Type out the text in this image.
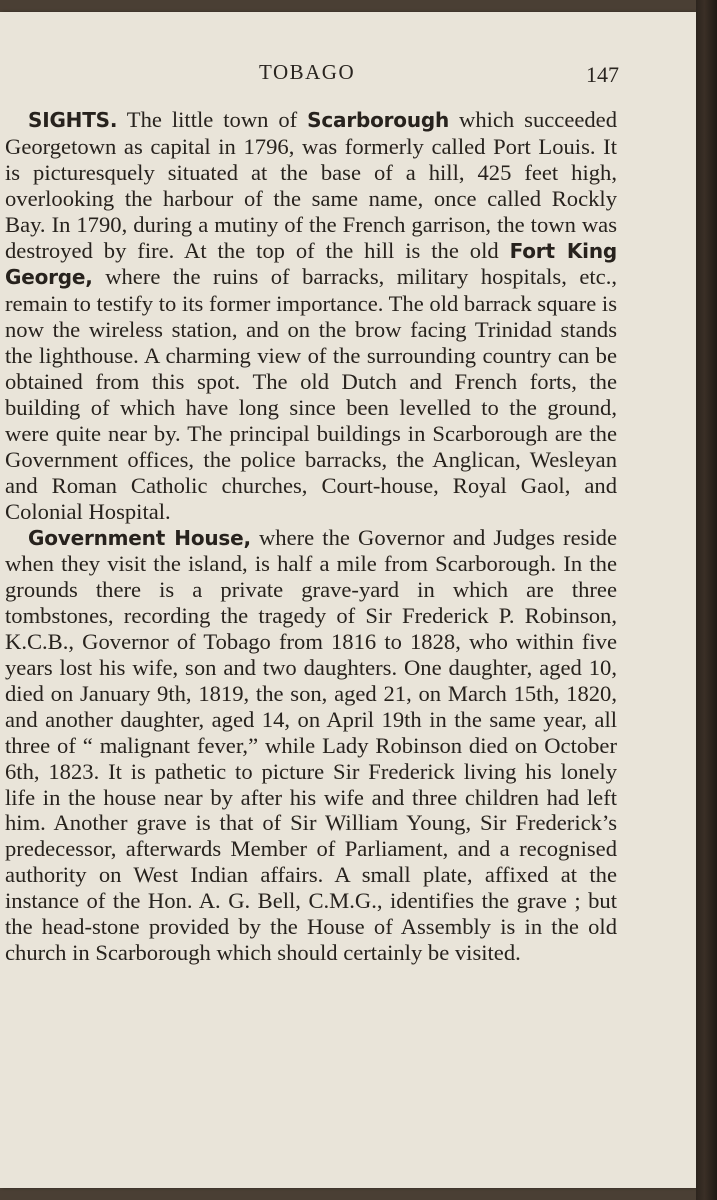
TOBAGO	147

SIGHTS. The little town of Scarborough which succeeded Georgetown as capital in 1796, was formerly called Port Louis. It is picturesquely situated at the base of a hill, 425 feet high, overlooking the harbour of the same name, once called Rockly Bay. In 1790, during a mutiny of the French garrison, the town was destroyed by fire. At the top of the hill is the old Fort King George, where the ruins of barracks, military hospitals, etc., remain to testify to its former importance. The old barrack square is now the wireless station, and on the brow facing Trinidad stands the lighthouse. A charming view of the surrounding country can be obtained from this spot. The old Dutch and French forts, the building of which have long since been levelled to the ground, were quite near by. The principal buildings in Scarborough are the Government offices, the police barracks, the Anglican, Wesleyan and Roman Catholic churches, Court-house, Royal Gaol, and Colonial Hospital.

Government House, where the Governor and Judges reside when they visit the island, is half a mile from Scarborough. In the grounds there is a private grave-yard in which are three tombstones, recording the tragedy of Sir Frederick P. Robinson, K.C.B., Governor of Tobago from 1816 to 1828, who within five years lost his wife, son and two daughters. One daughter, aged 10, died on January 9th, 1819, the son, aged 21, on March 15th, 1820, and another daughter, aged 14, on April 19th in the same year, all three of “ malignant fever,” while Lady Robinson died on October 6th, 1823. It is pathetic to picture Sir Frederick living his lonely life in the house near by after his wife and three children had left him. Another grave is that of Sir William Young, Sir Frederick’s predecessor, afterwards Member of Parliament, and a recognised authority on West Indian affairs. A small plate, affixed at the instance of the Hon. A. G. Bell, C.M.G., identifies the grave ; but the head-stone provided by the House of Assembly is in the old church in Scarborough which should certainly be visited.
